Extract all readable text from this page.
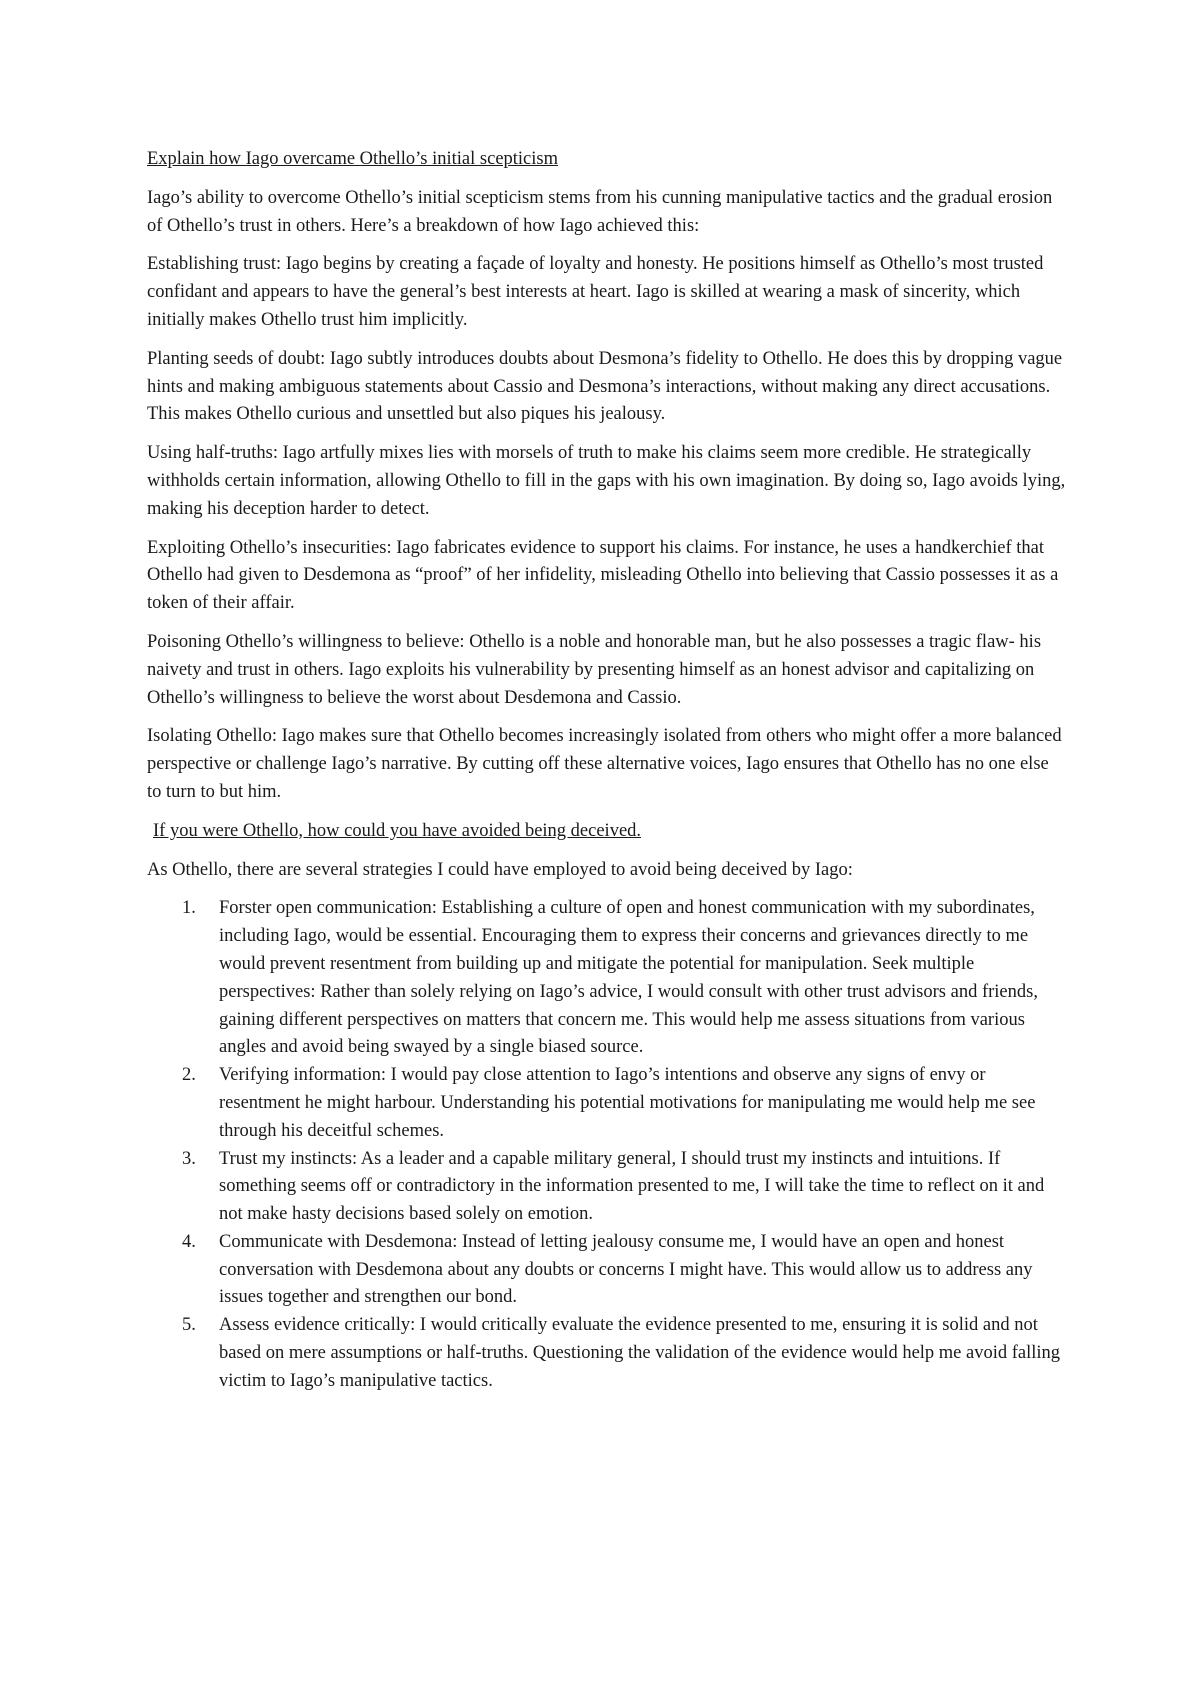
Explain how Iago overcame Othello’s initial scepticism

Iago’s ability to overcome Othello’s initial scepticism stems from his cunning manipulative tactics and the gradual erosion of Othello’s trust in others. Here’s a breakdown of how Iago achieved this:

Establishing trust: Iago begins by creating a façade of loyalty and honesty. He positions himself as Othello’s most trusted confidant and appears to have the general’s best interests at heart. Iago is skilled at wearing a mask of sincerity, which initially makes Othello trust him implicitly.

Planting seeds of doubt: Iago subtly introduces doubts about Desmona’s fidelity to Othello. He does this by dropping vague hints and making ambiguous statements about Cassio and Desmona’s interactions, without making any direct accusations. This makes Othello curious and unsettled but also piques his jealousy.

Using half-truths: Iago artfully mixes lies with morsels of truth to make his claims seem more credible. He strategically withholds certain information, allowing Othello to fill in the gaps with his own imagination. By doing so, Iago avoids lying, making his deception harder to detect.

Exploiting Othello’s insecurities: Iago fabricates evidence to support his claims. For instance, he uses a handkerchief that Othello had given to Desdemona as “proof” of her infidelity, misleading Othello into believing that Cassio possesses it as a token of their affair.

Poisoning Othello’s willingness to believe: Othello is a noble and honorable man, but he also possesses a tragic flaw- his naivety and trust in others. Iago exploits his vulnerability by presenting himself as an honest advisor and capitalizing on Othello’s willingness to believe the worst about Desdemona and Cassio.

Isolating Othello: Iago makes sure that Othello becomes increasingly isolated from others who might offer a more balanced perspective or challenge Iago’s narrative. By cutting off these alternative voices, Iago ensures that Othello has no one else to turn to but him.

If you were Othello, how could you have avoided being deceived.

As Othello, there are several strategies I could have employed to avoid being deceived by Iago:

1. Forster open communication: Establishing a culture of open and honest communication with my subordinates, including Iago, would be essential. Encouraging them to express their concerns and grievances directly to me would prevent resentment from building up and mitigate the potential for manipulation. Seek multiple perspectives: Rather than solely relying on Iago’s advice, I would consult with other trust advisors and friends, gaining different perspectives on matters that concern me. This would help me assess situations from various angles and avoid being swayed by a single biased source.
2. Verifying information: I would pay close attention to Iago’s intentions and observe any signs of envy or resentment he might harbour. Understanding his potential motivations for manipulating me would help me see through his deceitful schemes.
3. Trust my instincts: As a leader and a capable military general, I should trust my instincts and intuitions. If something seems off or contradictory in the information presented to me, I will take the time to reflect on it and not make hasty decisions based solely on emotion.
4. Communicate with Desdemona: Instead of letting jealousy consume me, I would have an open and honest conversation with Desdemona about any doubts or concerns I might have. This would allow us to address any issues together and strengthen our bond.
5. Assess evidence critically: I would critically evaluate the evidence presented to me, ensuring it is solid and not based on mere assumptions or half-truths. Questioning the validation of the evidence would help me avoid falling victim to Iago’s manipulative tactics.
